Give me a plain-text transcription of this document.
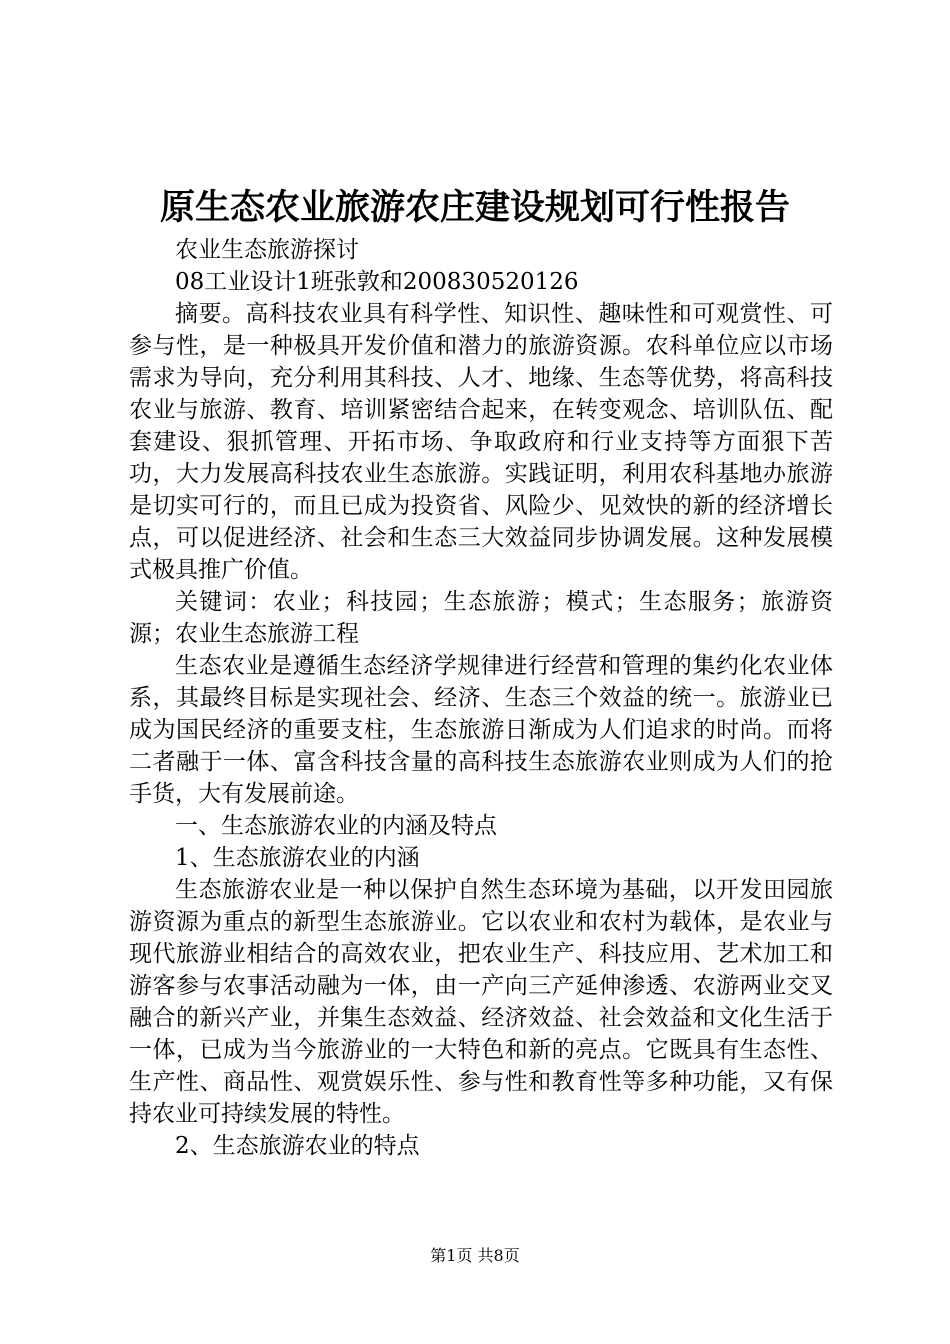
原生态农业旅游农庄建设规划可行性报告

农业生态旅游探讨

08工业设计1班张敦和200830520126

摘要。高科技农业具有科学性、知识性、趣味性和可观赏性、可参与性，是一种极具开发价值和潜力的旅游资源。农科单位应以市场需求为导向，充分利用其科技、人才、地缘、生态等优势，将高科技农业与旅游、教育、培训紧密结合起来，在转变观念、培训队伍、配套建设、狠抓管理、开拓市场、争取政府和行业支持等方面狠下苦功，大力发展高科技农业生态旅游。实践证明，利用农科基地办旅游是切实可行的，而且已成为投资省、风险少、见效快的新的经济增长点，可以促进经济、社会和生态三大效益同步协调发展。这种发展模式极具推广价值。

关键词：农业；科技园；生态旅游；模式；生态服务；旅游资源；农业生态旅游工程

生态农业是遵循生态经济学规律进行经营和管理的集约化农业体系，其最终目标是实现社会、经济、生态三个效益的统一。旅游业已成为国民经济的重要支柱，生态旅游日渐成为人们追求的时尚。而将二者融于一体、富含科技含量的高科技生态旅游农业则成为人们的抢手货，大有发展前途。

一、生态旅游农业的内涵及特点

1、生态旅游农业的内涵

生态旅游农业是一种以保护自然生态环境为基础，以开发田园旅游资源为重点的新型生态旅游业。它以农业和农村为载体，是农业与现代旅游业相结合的高效农业，把农业生产、科技应用、艺术加工和游客参与农事活动融为一体，由一产向三产延伸渗透、农游两业交叉融合的新兴产业，并集生态效益、经济效益、社会效益和文化生活于一体，已成为当今旅游业的一大特色和新的亮点。它既具有生态性、生产性、商品性、观赏娱乐性、参与性和教育性等多种功能，又有保持农业可持续发展的特性。

2、生态旅游农业的特点

第1页 共8页
